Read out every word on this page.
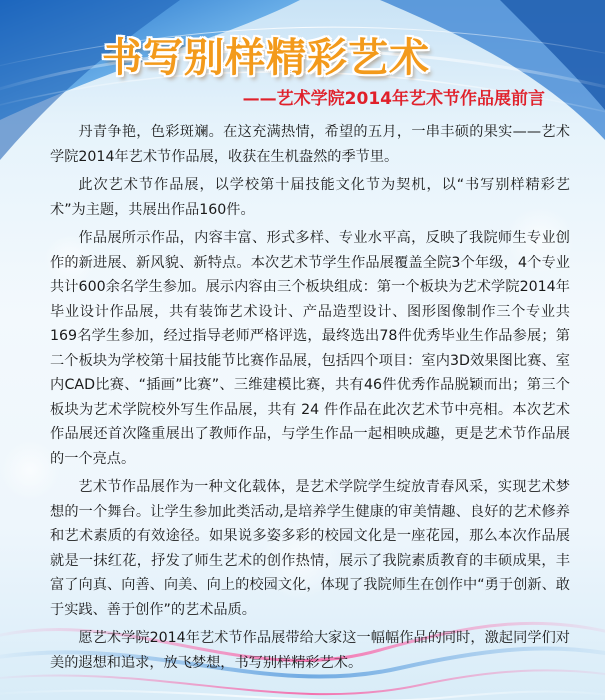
书写别样精彩艺术
——艺术学院2014年艺术节作品展前言

丹青争艳，色彩斑斓。在这充满热情，希望的五月，一串丰硕的果实——艺术学院2014年艺术节作品展，收获在生机盎然的季节里。

此次艺术节作品展，以学校第十届技能文化节为契机，以“书写别样精彩艺术”为主题，共展出作品160件。

作品展所示作品，内容丰富、形式多样、专业水平高，反映了我院师生专业创作的新进展、新风貌、新特点。本次艺术节学生作品展覆盖全院3个年级，4个专业共计600余名学生参加。展示内容由三个板块组成：第一个板块为艺术学院2014年毕业设计作品展，共有装饰艺术设计、产品造型设计、图形图像制作三个专业共169名学生参加，经过指导老师严格评选，最终选出78件优秀毕业生作品参展；第二个板块为学校第十届技能节比赛作品展，包括四个项目：室内3D效果图比赛、室内CAD比赛、“插画”比赛”、三维建模比赛，共有46件优秀作品脱颖而出；第三个板块为艺术学院校外写生作品展，共有 24 件作品在此次艺术节中亮相。本次艺术作品展还首次隆重展出了教师作品，与学生作品一起相映成趣，更是艺术节作品展的一个亮点。

艺术节作品展作为一种文化载体，是艺术学院学生绽放青春风采，实现艺术梦想的一个舞台。让学生参加此类活动,是培养学生健康的审美情趣、良好的艺术修养和艺术素质的有效途径。如果说多姿多彩的校园文化是一座花园，那么本次作品展就是一抹红花，抒发了师生艺术的创作热情，展示了我院素质教育的丰硕成果，丰富了向真、向善、向美、向上的校园文化，体现了我院师生在创作中“勇于创新、敢于实践、善于创作”的艺术品质。

愿艺术学院2014年艺术节作品展带给大家这一幅幅作品的同时，激起同学们对美的遐想和追求，放飞梦想，书写别样精彩艺术。
